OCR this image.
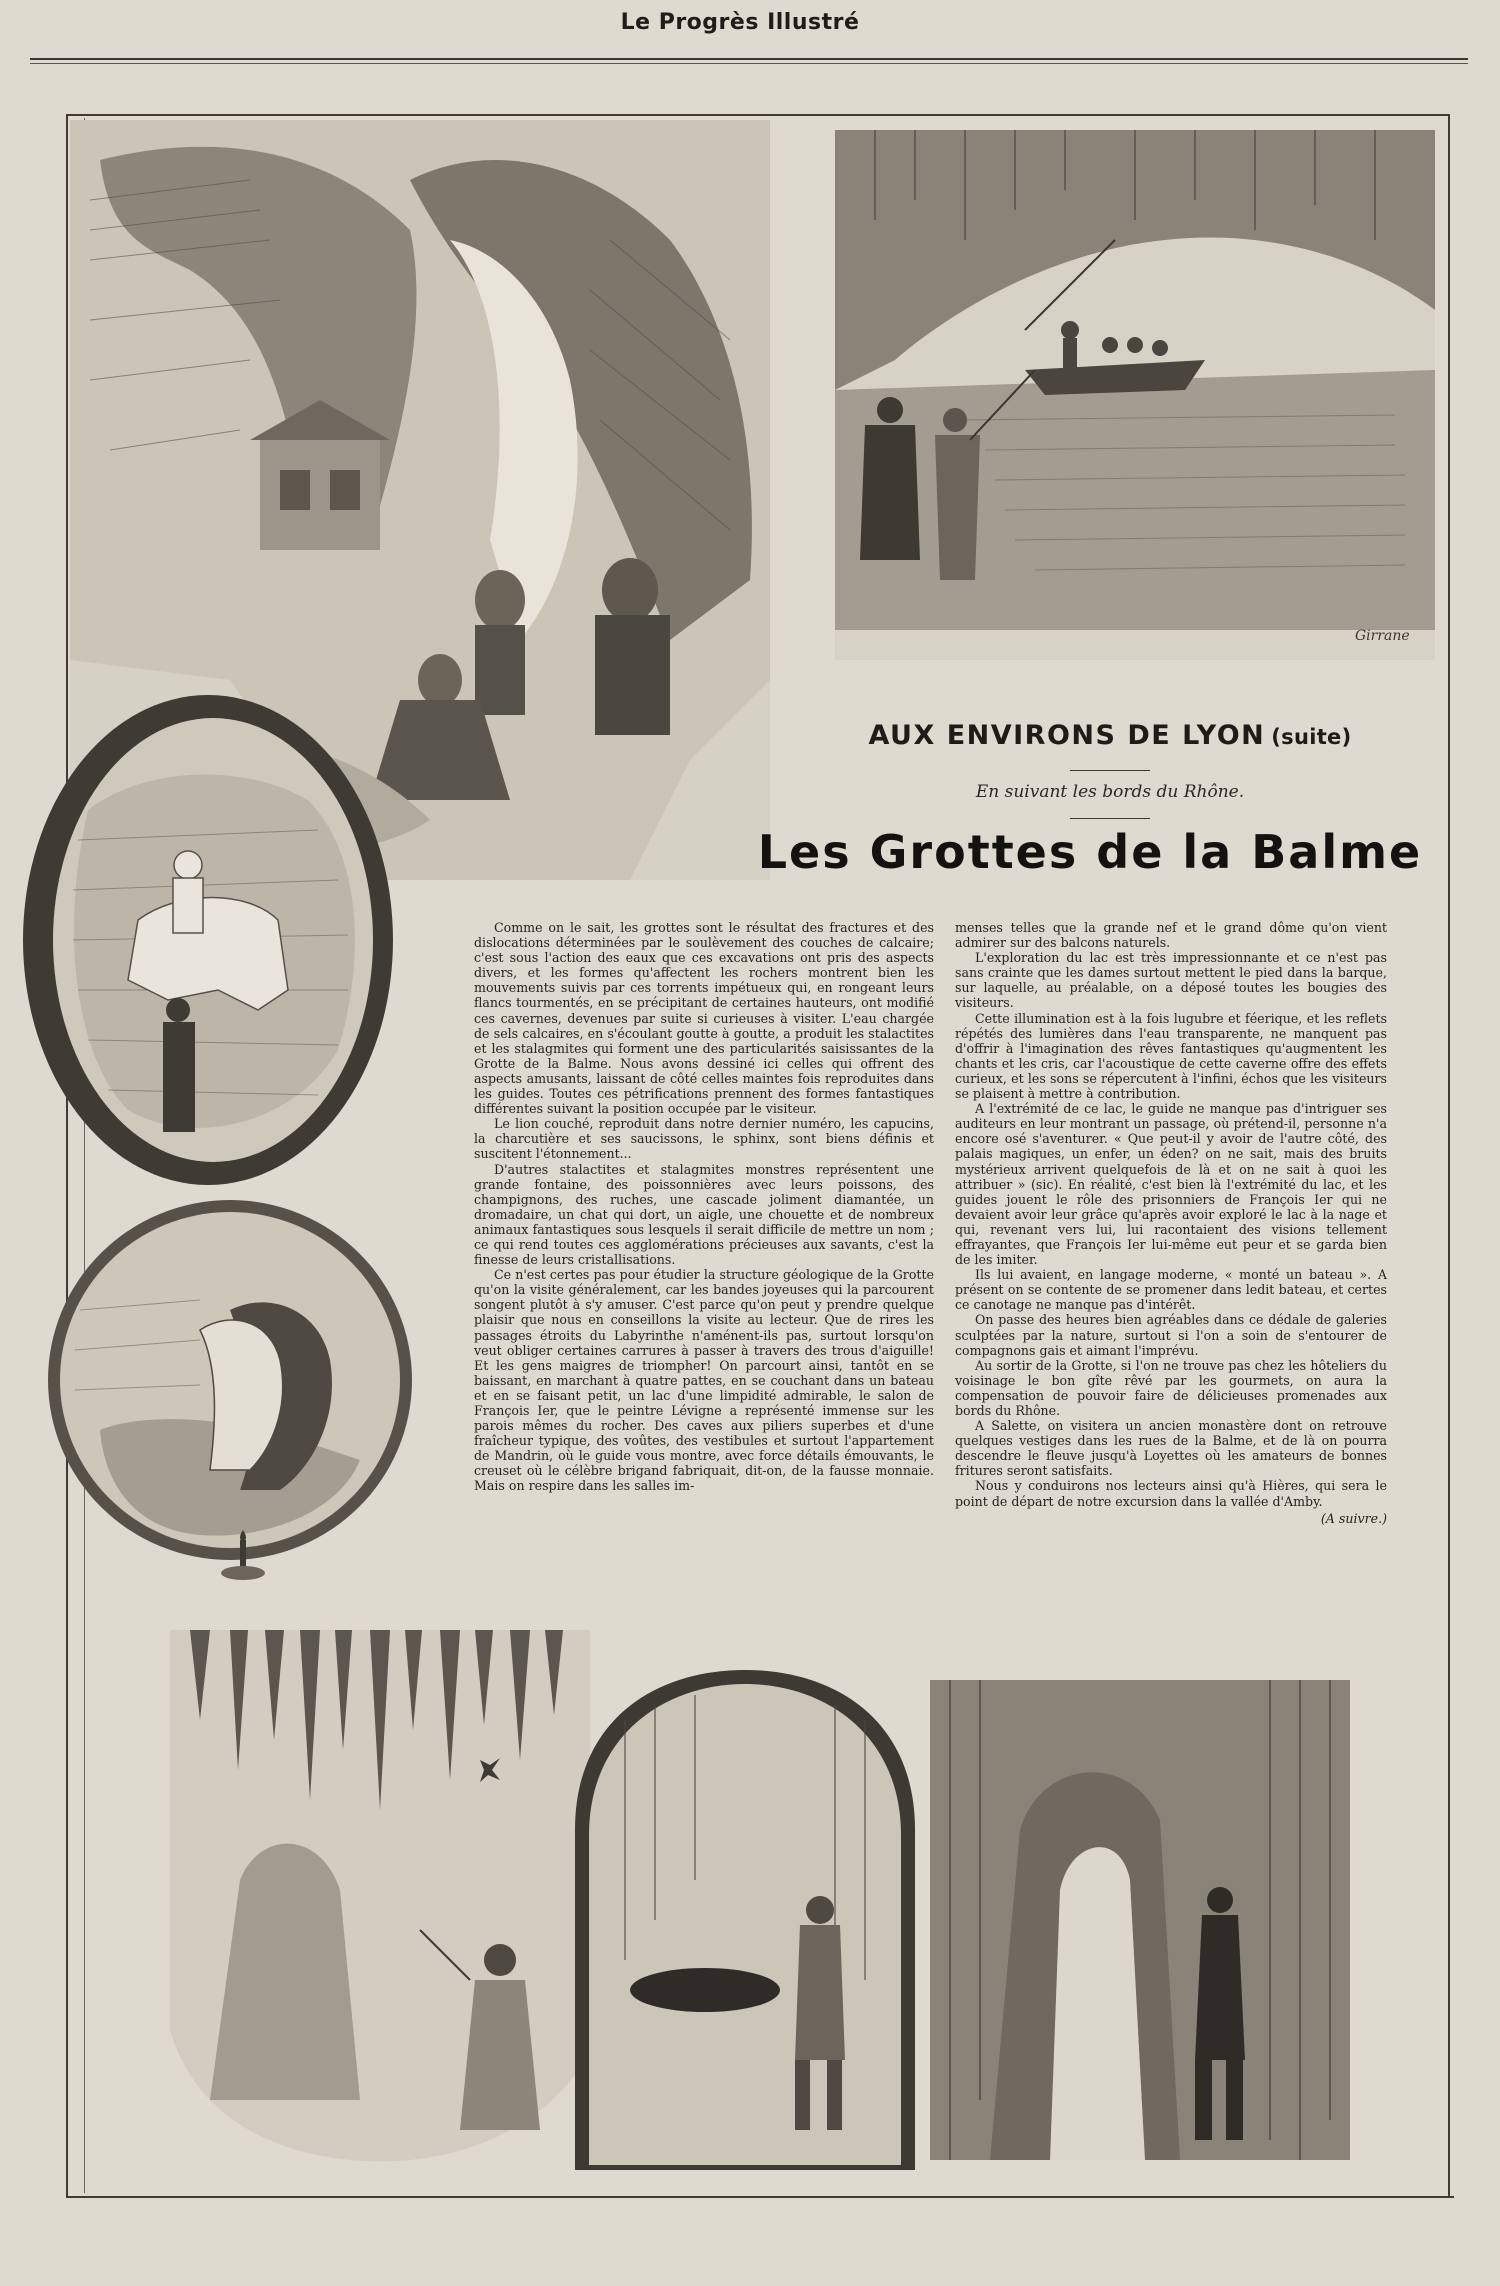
Le Progrès Illustré
Girrane
AUX ENVIRONS DE LYON (suite)
En suivant les bords du Rhône.
Les Grottes de la Balme

Comme on le sait, les grottes sont le résultat des fractures et des dislocations déterminées par le soulèvement des couches de calcaire; c'est sous l'action des eaux que ces excavations ont pris des aspects divers, et les formes qu'affectent les rochers montrent bien les mouvements suivis par ces torrents impétueux qui, en rongeant leurs flancs tourmentés, en se précipitant de certaines hauteurs, ont modifié ces cavernes, devenues par suite si curieuses à visiter. L'eau chargée de sels calcaires, en s'écoulant goutte à goutte, a produit les stalactites et les stalagmites qui forment une des particularités saisissantes de la Grotte de la Balme. Nous avons dessiné ici celles qui offrent des aspects amusants, laissant de côté celles maintes fois reproduites dans les guides. Toutes ces pétrifications prennent des formes fantastiques différentes suivant la position occupée par le visiteur.

Le lion couché, reproduit dans notre dernier numéro, les capucins, la charcutière et ses saucissons, le sphinx, sont biens définis et suscitent l'étonnement...

D'autres stalactites et stalagmites monstres représentent une grande fontaine, des poissonnières avec leurs poissons, des champignons, des ruches, une cascade joliment diamantée, un dromadaire, un chat qui dort, un aigle, une chouette et de nombreux animaux fantastiques sous lesquels il serait difficile de mettre un nom ; ce qui rend toutes ces agglomérations précieuses aux savants, c'est la finesse de leurs cristallisations.

Ce n'est certes pas pour étudier la structure géologique de la Grotte qu'on la visite généralement, car les bandes joyeuses qui la parcourent songent plutôt à s'y amuser. C'est parce qu'on peut y prendre quelque plaisir que nous en conseillons la visite au lecteur. Que de rires les passages étroits du Labyrinthe n'aménent-ils pas, surtout lorsqu'on veut obliger certaines carrures à passer à travers des trous d'aiguille! Et les gens maigres de triompher! On parcourt ainsi, tantôt en se baissant, en marchant à quatre pattes, en se couchant dans un bateau et en se faisant petit, un lac d'une limpidité admirable, le salon de François Ier, que le peintre Lévigne a représenté immense sur les parois mêmes du rocher. Des caves aux piliers superbes et d'une fraîcheur typique, des voûtes, des vestibules et surtout l'appartement de Mandrin, où le guide vous montre, avec force détails émouvants, le creuset où le célèbre brigand fabriquait, dit-on, de la fausse monnaie. Mais on respire dans les salles im-

menses telles que la grande nef et le grand dôme qu'on vient admirer sur des balcons naturels.

L'exploration du lac est très impressionnante et ce n'est pas sans crainte que les dames surtout mettent le pied dans la barque, sur laquelle, au préalable, on a déposé toutes les bougies des visiteurs.

Cette illumination est à la fois lugubre et féerique, et les reflets répétés des lumières dans l'eau transparente, ne manquent pas d'offrir à l'imagination des rêves fantastiques qu'augmentent les chants et les cris, car l'acoustique de cette caverne offre des effets curieux, et les sons se répercutent à l'infini, échos que les visiteurs se plaisent à mettre à contribution.

A l'extrémité de ce lac, le guide ne manque pas d'intriguer ses auditeurs en leur montrant un passage, où prétend-il, personne n'a encore osé s'aventurer. « Que peut-il y avoir de l'autre côté, des palais magiques, un enfer, un éden? on ne sait, mais des bruits mystérieux arrivent quelquefois de là et on ne sait à quoi les attribuer » (sic). En réalité, c'est bien là l'extrémité du lac, et les guides jouent le rôle des prisonniers de François Ier qui ne devaient avoir leur grâce qu'après avoir exploré le lac à la nage et qui, revenant vers lui, lui racontaient des visions tellement effrayantes, que François Ier lui-même eut peur et se garda bien de les imiter.

Ils lui avaient, en langage moderne, « monté un bateau ». A présent on se contente de se promener dans ledit bateau, et certes ce canotage ne manque pas d'intérêt.

On passe des heures bien agréables dans ce dédale de galeries sculptées par la nature, surtout si l'on a soin de s'entourer de compagnons gais et aimant l'imprévu.

Au sortir de la Grotte, si l'on ne trouve pas chez les hôteliers du voisinage le bon gîte rêvé par les gourmets, on aura la compensation de pouvoir faire de délicieuses promenades aux bords du Rhône.

A Salette, on visitera un ancien monastère dont on retrouve quelques vestiges dans les rues de la Balme, et de là on pourra descendre le fleuve jusqu'à Loyettes où les amateurs de bonnes fritures seront satisfaits.

Nous y conduirons nos lecteurs ainsi qu'à Hières, qui sera le point de départ de notre excursion dans la vallée d'Amby.

(A suivre.)
